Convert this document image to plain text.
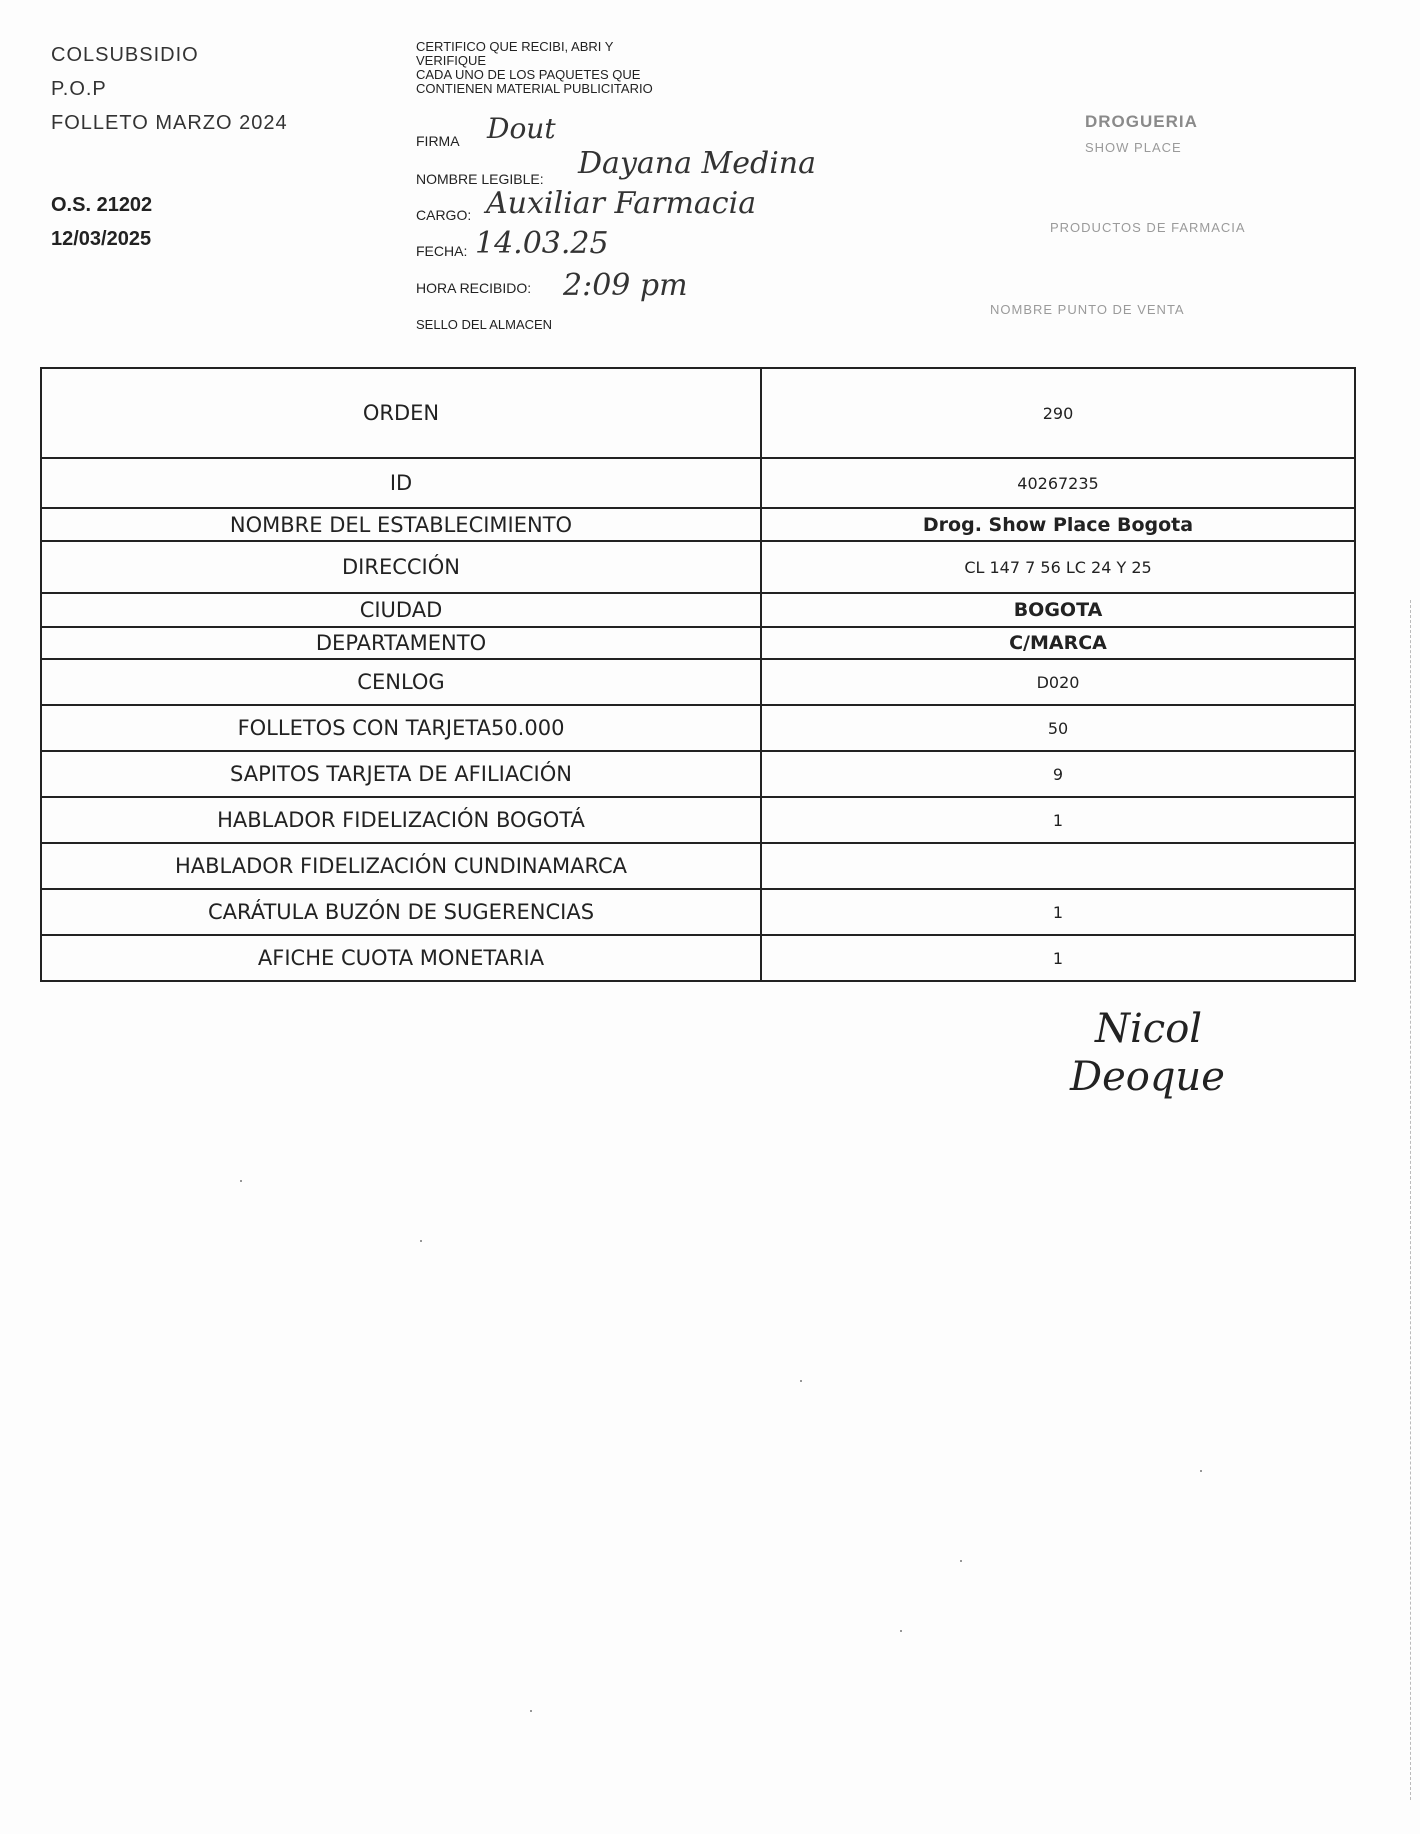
COLSUBSIDIO
P.O.P
FOLLETO MARZO 2024
O.S. 21202
12/03/2025
CERTIFICO QUE RECIBI, ABRI Y
VERIFIQUE
CADA UNO DE LOS PAQUETES QUE
CONTIENEN MATERIAL PUBLICITARIO
FIRMA Dout
NOMBRE LEGIBLE: Dayana Medina
CARGO: Auxiliar Farmacia
FECHA: 14.03.25
HORA RECIBIDO: 2:09 pm
SELLO DEL ALMACEN
DROGUERIA
SHOW PLACE
PRODUCTOS DE FARMACIA
NOMBRE PUNTO DE VENTA
ORDEN	290
ID	40267235
NOMBRE DEL ESTABLECIMIENTO	Drog. Show Place Bogota
DIRECCIÓN	CL 147 7 56 LC 24 Y 25
CIUDAD	BOGOTA
DEPARTAMENTO	C/MARCA
CENLOG	D020
FOLLETOS CON TARJETA50.000	50
SAPITOS TARJETA DE AFILIACIÓN	9
HABLADOR FIDELIZACIÓN BOGOTÁ	1
HABLADOR FIDELIZACIÓN CUNDINAMARCA	
CARÁTULA BUZÓN DE SUGERENCIAS	1
AFICHE CUOTA MONETARIA	1
Nicol
Deoque
